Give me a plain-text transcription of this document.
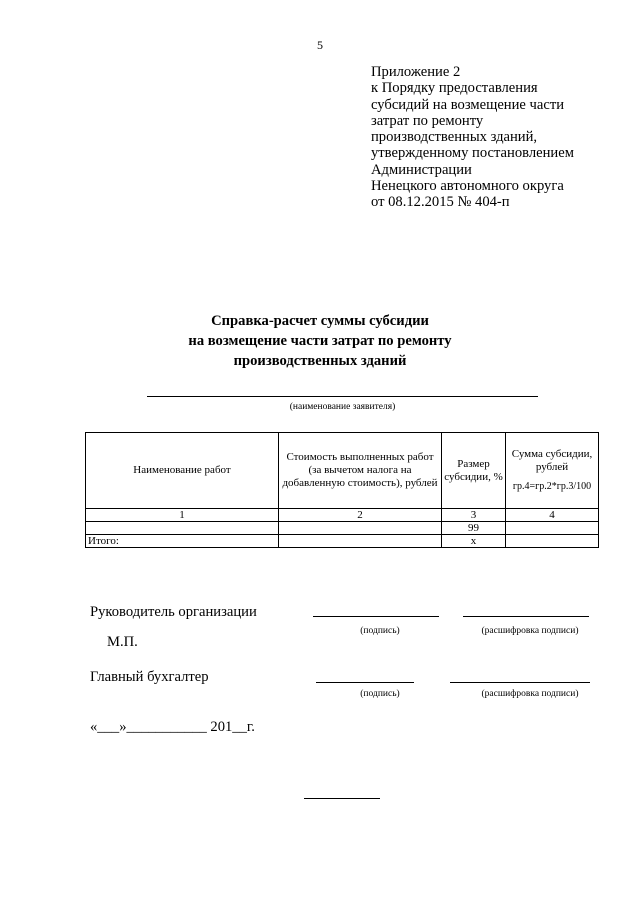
5
Приложение 2
к Порядку предоставления
субсидий на возмещение части
затрат по ремонту
производственных зданий,
утвержденному постановлением
Администрации
Ненецкого автономного округа
от 08.12.2015 № 404-п
Справка-расчет суммы субсидии
на возмещение части затрат по ремонту
производственных зданий
(наименование заявителя)
Наименование работ	Стоимость выполненных работ (за вычетом налога на добавленную стоимость), рублей	Размер субсидии, %	Сумма субсидии, рублей
гр.4=гр.2*гр.3/100

1	2	3	4
		99	
Итого:		x	
Руководитель организации
(подпись)	(расшифровка подписи)
М.П.
Главный бухгалтер
(подпись)	(расшифровка подписи)
«___»___________ 201__г.
